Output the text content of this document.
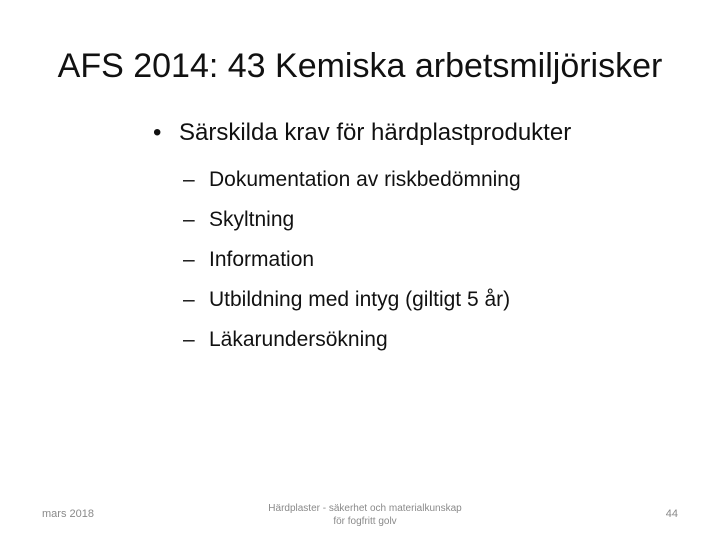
AFS 2014: 43 Kemiska arbetsmiljörisker
• Särskilda krav för härdplastprodukter
– Dokumentation av riskbedömning
– Skyltning
– Information
– Utbildning med intyg (giltigt 5 år)
– Läkarundersökning
mars 2018	Härdplaster - säkerhet och materialkunskap
för fogfritt golv
44
